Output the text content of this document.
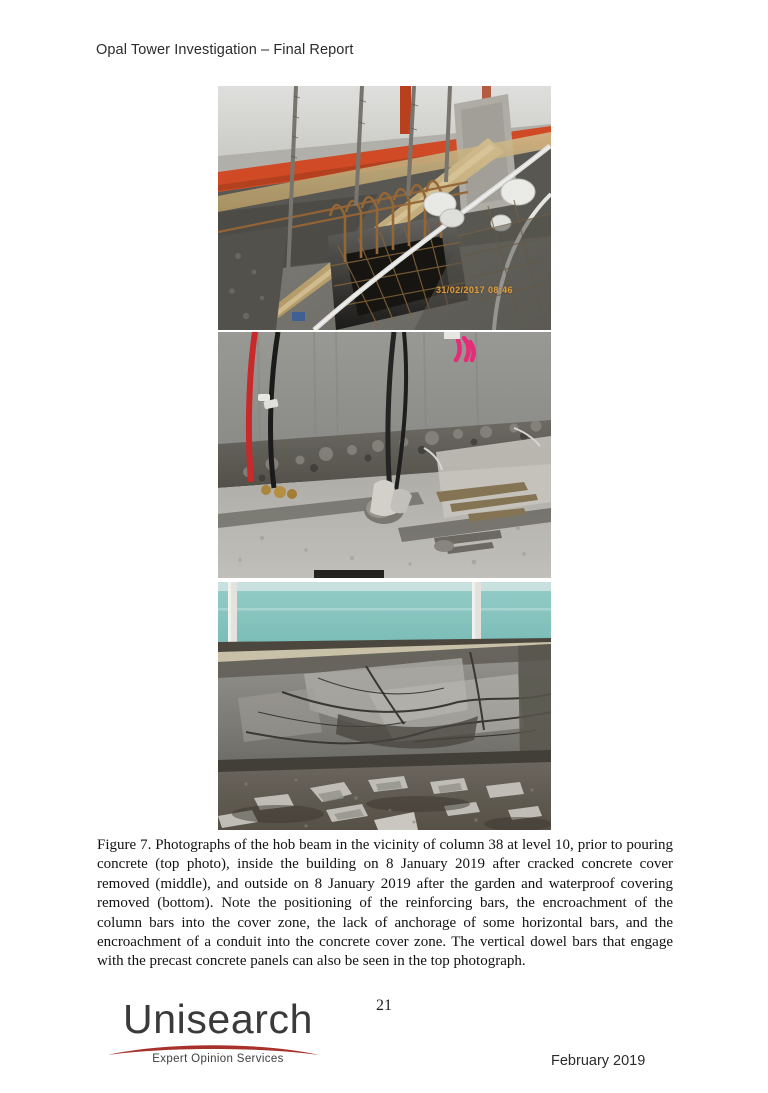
Opal Tower Investigation – Final Report
31/02/2017 08:46
Figure 7. Photographs of the hob beam in the vicinity of column 38 at level 10, prior to pouring concrete (top photo), inside the building on 8 January 2019 after cracked concrete cover removed (middle), and outside on 8 January 2019 after the garden and waterproof covering removed (bottom). Note the positioning of the reinforcing bars, the encroachment of the column bars into the cover zone, the lack of anchorage of some horizontal bars, and the encroachment of a conduit into the concrete cover zone. The vertical dowel bars that engage with the precast concrete panels can also be seen in the top photograph.
21
Unisearch
Expert Opinion Services	February 2019
